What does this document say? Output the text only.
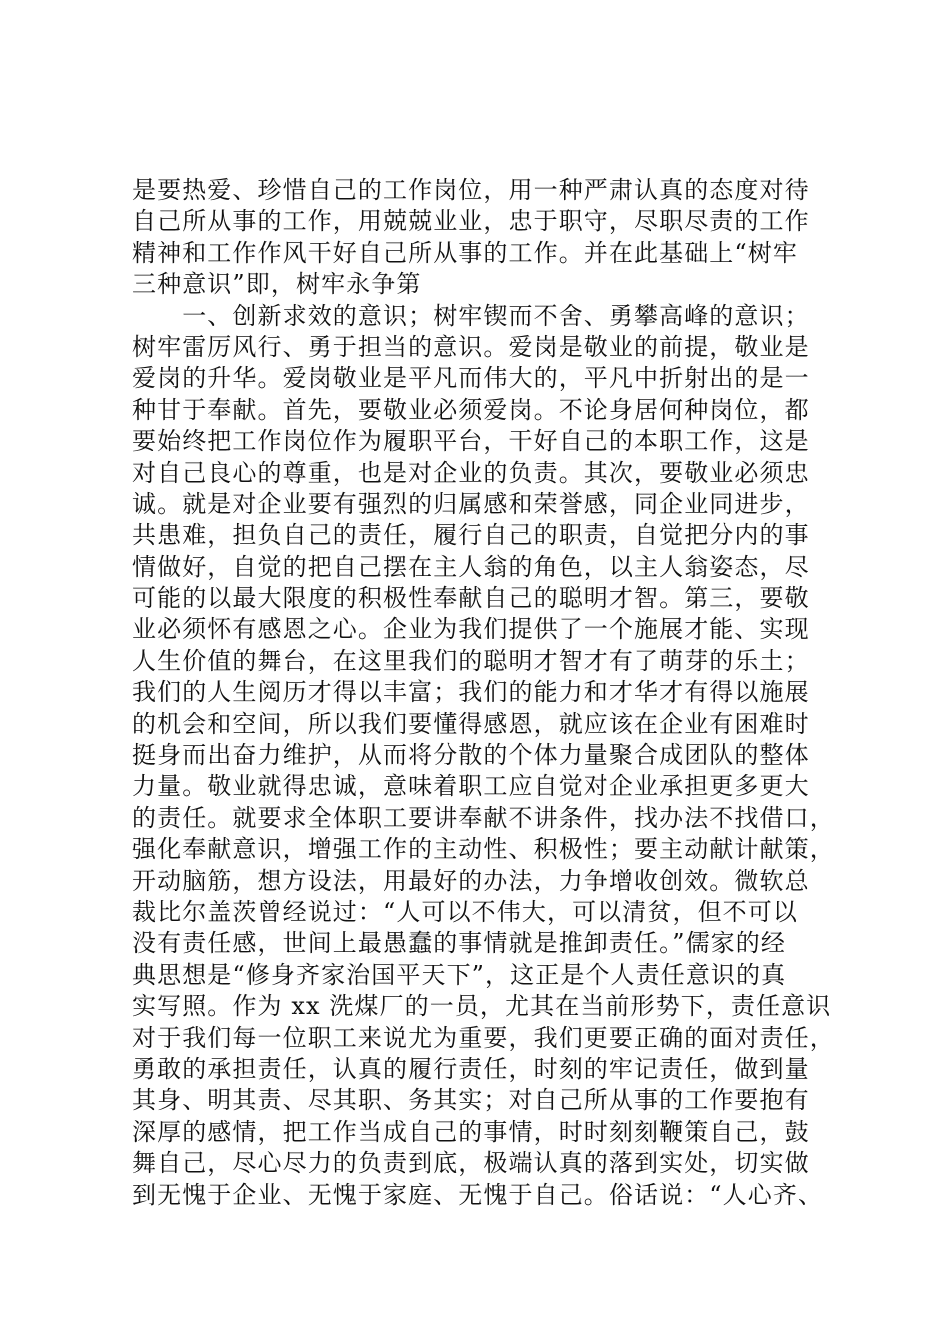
是要热爱、珍惜自己的工作岗位，用一种严肃认真的态度对待
自己所从事的工作，用兢兢业业，忠于职守，尽职尽责的工作
精神和工作作风干好自己所从事的工作。并在此基础上“树牢
三种意识”即，树牢永争第
　　一、创新求效的意识；树牢锲而不舍、勇攀高峰的意识；
树牢雷厉风行、勇于担当的意识。爱岗是敬业的前提，敬业是
爱岗的升华。爱岗敬业是平凡而伟大的，平凡中折射出的是一
种甘于奉献。首先，要敬业必须爱岗。不论身居何种岗位，都
要始终把工作岗位作为履职平台，干好自己的本职工作，这是
对自己良心的尊重，也是对企业的负责。其次，要敬业必须忠
诚。就是对企业要有强烈的归属感和荣誉感，同企业同进步，
共患难，担负自己的责任，履行自己的职责，自觉把分内的事
情做好，自觉的把自己摆在主人翁的角色，以主人翁姿态，尽
可能的以最大限度的积极性奉献自己的聪明才智。第三，要敬
业必须怀有感恩之心。企业为我们提供了一个施展才能、实现
人生价值的舞台，在这里我们的聪明才智才有了萌芽的乐土；
我们的人生阅历才得以丰富；我们的能力和才华才有得以施展
的机会和空间，所以我们要懂得感恩，就应该在企业有困难时
挺身而出奋力维护，从而将分散的个体力量聚合成团队的整体
力量。敬业就得忠诚，意味着职工应自觉对企业承担更多更大
的责任。就要求全体职工要讲奉献不讲条件，找办法不找借口，
强化奉献意识，增强工作的主动性、积极性；要主动献计献策，
开动脑筋，想方设法，用最好的办法，力争增收创效。微软总
裁比尔盖茨曾经说过：“人可以不伟大，可以清贫，但不可以
没有责任感，世间上最愚蠢的事情就是推卸责任。”儒家的经
典思想是“修身齐家治国平天下”，这正是个人责任意识的真
实写照。作为 xx 洗煤厂的一员，尤其在当前形势下，责任意识
对于我们每一位职工来说尤为重要，我们更要正确的面对责任，
勇敢的承担责任，认真的履行责任，时刻的牢记责任，做到量
其身、明其责、尽其职、务其实；对自己所从事的工作要抱有
深厚的感情，把工作当成自己的事情，时时刻刻鞭策自己，鼓
舞自己，尽心尽力的负责到底，极端认真的落到实处，切实做
到无愧于企业、无愧于家庭、无愧于自己。俗话说：“人心齐、
